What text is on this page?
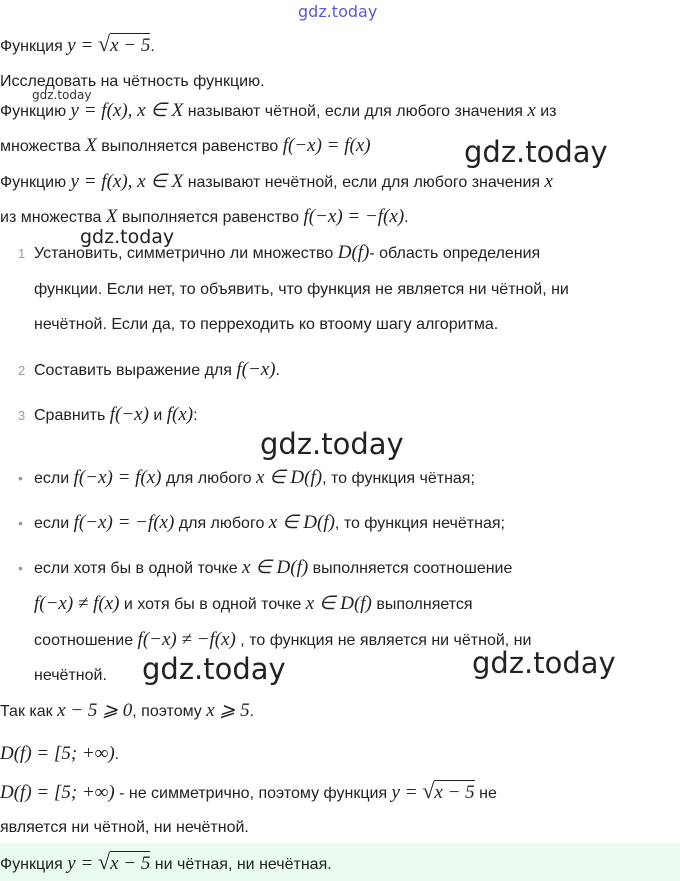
gdz.today
Функция y = √x − 5.
Исследовать на чётность функцию.
gdz.today
Функцию y = f(x), x ∈ X называют чётной, если для любого значения x из
множества X выполняется равенство f(−x) = f(x)	gdz.today
Функцию y = f(x), x ∈ X называют нечётной, если для любого значения x
из множества X выполняется равенство f(−x) = −f(x).
gdz.today
1 Установить, симметрично ли множество D(f)- область определения
функции. Если нет, то объявить, что функция не является ни чётной, ни
нечётной. Если да, то перреходить ко втоому шагу алгоритма.
2 Составить выражение для f(−x).
3 Сравнить f(−x) и f(x):
gdz.today
• если f(−x) = f(x) для любого x ∈ D(f), то функция чётная;
• если f(−x) = −f(x) для любого x ∈ D(f), то функция нечётная;
• если хотя бы в одной точке x ∈ D(f) выполняется соотношение
f(−x) ≠ f(x) и хотя бы в одной точке x ∈ D(f) выполняется
соотношение f(−x) ≠ −f(x) , то функция не является ни чётной, ни
нечётной. gdz.today	gdz.today
Так как x − 5 ⩾ 0, поэтому x ⩾ 5.
D(f) = [5; +∞).
D(f) = [5; +∞) - не симметрично, поэтому функция y = √x − 5 не
является ни чётной, ни нечётной.
Функция y = √x − 5 ни чётная, ни нечётная.
